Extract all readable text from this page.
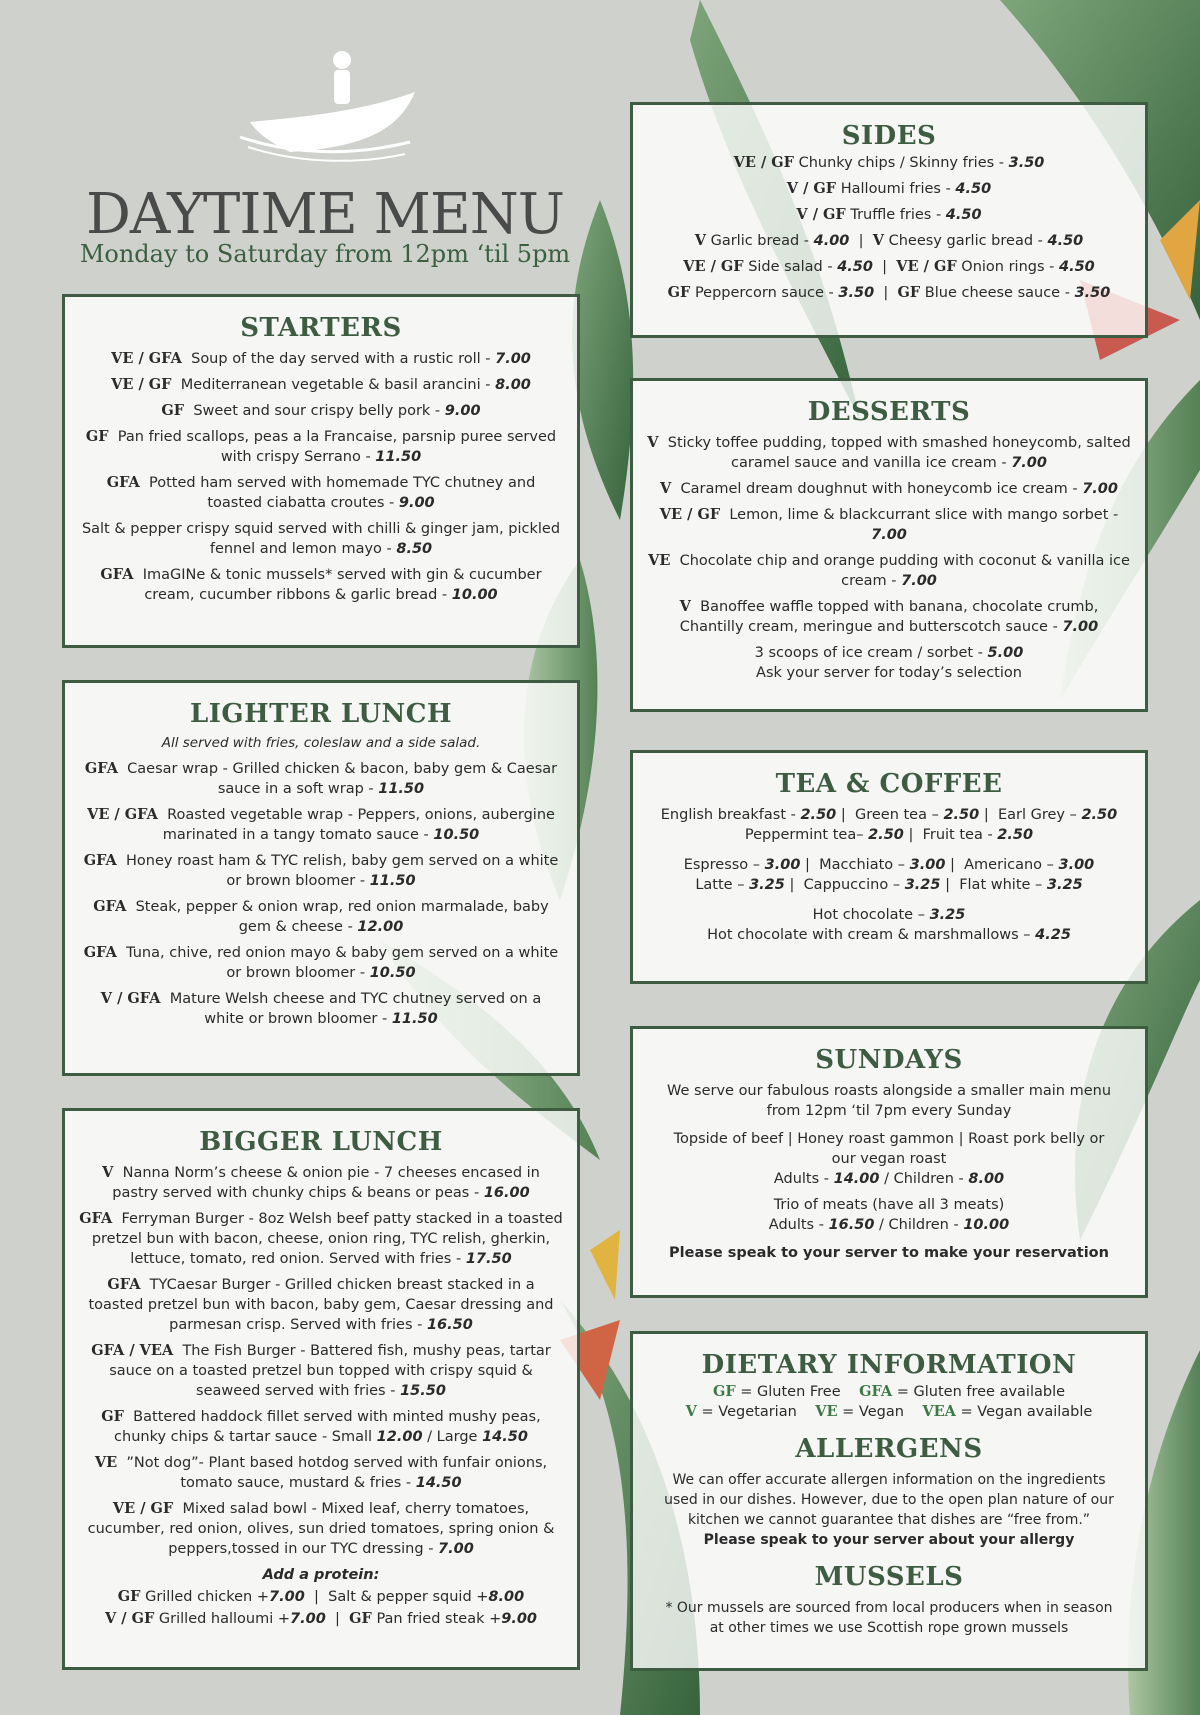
DAYTIME MENU
Monday to Saturday from 12pm ‘til 5pm
STARTERS
VE / GFA Soup of the day served with a rustic roll - 7.00
VE / GF Mediterranean vegetable & basil arancini - 8.00
GF Sweet and sour crispy belly pork - 9.00
GF Pan fried scallops, peas a la Francaise, parsnip puree served with crispy Serrano - 11.50
GFA Potted ham served with homemade TYC chutney and toasted ciabatta croutes - 9.00
Salt & pepper crispy squid served with chilli & ginger jam, pickled fennel and lemon mayo - 8.50
GFA ImaGINe & tonic mussels* served with gin & cucumber cream, cucumber ribbons & garlic bread - 10.00
LIGHTER LUNCH
All served with fries, coleslaw and a side salad.
GFA Caesar wrap - Grilled chicken & bacon, baby gem & Caesar sauce in a soft wrap - 11.50
VE / GFA Roasted vegetable wrap - Peppers, onions, aubergine marinated in a tangy tomato sauce - 10.50
GFA Honey roast ham & TYC relish, baby gem served on a white or brown bloomer - 11.50
GFA Steak, pepper & onion wrap, red onion marmalade, baby gem & cheese - 12.00
GFA Tuna, chive, red onion mayo & baby gem served on a white or brown bloomer - 10.50
V / GFA Mature Welsh cheese and TYC chutney served on a white or brown bloomer - 11.50
BIGGER LUNCH
V Nanna Norm’s cheese & onion pie - 7 cheeses encased in pastry served with chunky chips & beans or peas - 16.00
GFA Ferryman Burger - 8oz Welsh beef patty stacked in a toasted pretzel bun with bacon, cheese, onion ring, TYC relish, gherkin, lettuce, tomato, red onion. Served with fries - 17.50
GFA TYCaesar Burger - Grilled chicken breast stacked in a toasted pretzel bun with bacon, baby gem, Caesar dressing and parmesan crisp. Served with fries - 16.50
GFA / VEA The Fish Burger - Battered fish, mushy peas, tartar sauce on a toasted pretzel bun topped with crispy squid & seaweed served with fries - 15.50
GF Battered haddock fillet served with minted mushy peas, chunky chips & tartar sauce - Small 12.00 / Large 14.50
VE ”Not dog”- Plant based hotdog served with funfair onions, tomato sauce, mustard & fries - 14.50
VE / GF Mixed salad bowl - Mixed leaf, cherry tomatoes, cucumber, red onion, olives, sun dried tomatoes, spring onion & peppers,tossed in our TYC dressing - 7.00
Add a protein:
GF Grilled chicken +7.00  |  Salt & pepper squid +8.00
V / GF Grilled halloumi +7.00  |  GF Pan fried steak +9.00
SIDES
VE / GF Chunky chips / Skinny fries - 3.50
V / GF Halloumi fries - 4.50
V / GF Truffle fries - 4.50
V Garlic bread - 4.00  |  V Cheesy garlic bread - 4.50
VE / GF Side salad - 4.50  |  VE / GF Onion rings - 4.50
GF Peppercorn sauce - 3.50  |  GF Blue cheese sauce - 3.50
DESSERTS
V Sticky toffee pudding, topped with smashed honeycomb, salted caramel sauce and vanilla ice cream - 7.00
V Caramel dream doughnut with honeycomb ice cream - 7.00
VE / GF Lemon, lime & blackcurrant slice with mango sorbet - 7.00
VE Chocolate chip and orange pudding with coconut & vanilla ice cream - 7.00
V Banoffee waffle topped with banana, chocolate crumb, Chantilly cream, meringue and butterscotch sauce - 7.00
3 scoops of ice cream / sorbet - 5.00
Ask your server for today’s selection
TEA & COFFEE
English breakfast - 2.50 |  Green tea – 2.50 |  Earl Grey – 2.50
Peppermint tea– 2.50 |  Fruit tea - 2.50
Espresso – 3.00 |  Macchiato – 3.00 |  Americano – 3.00
Latte – 3.25 |  Cappuccino – 3.25 |  Flat white – 3.25
Hot chocolate – 3.25
Hot chocolate with cream & marshmallows – 4.25
SUNDAYS
We serve our fabulous roasts alongside a smaller main menu from 12pm ‘til 7pm every Sunday
Topside of beef | Honey roast gammon | Roast pork belly or our vegan roast
Adults - 14.00 / Children - 8.00
Trio of meats (have all 3 meats)
Adults - 16.50 / Children - 10.00
Please speak to your server to make your reservation
DIETARY INFORMATION
GF = Gluten Free GFA = Gluten free available
V = Vegetarian VE = Vegan VEA = Vegan available
ALLERGENS
We can offer accurate allergen information on the ingredients used in our dishes. However, due to the open plan nature of our kitchen we cannot guarantee that dishes are “free from.”
Please speak to your server about your allergy
MUSSELS
* Our mussels are sourced from local producers when in season at other times we use Scottish rope grown mussels
